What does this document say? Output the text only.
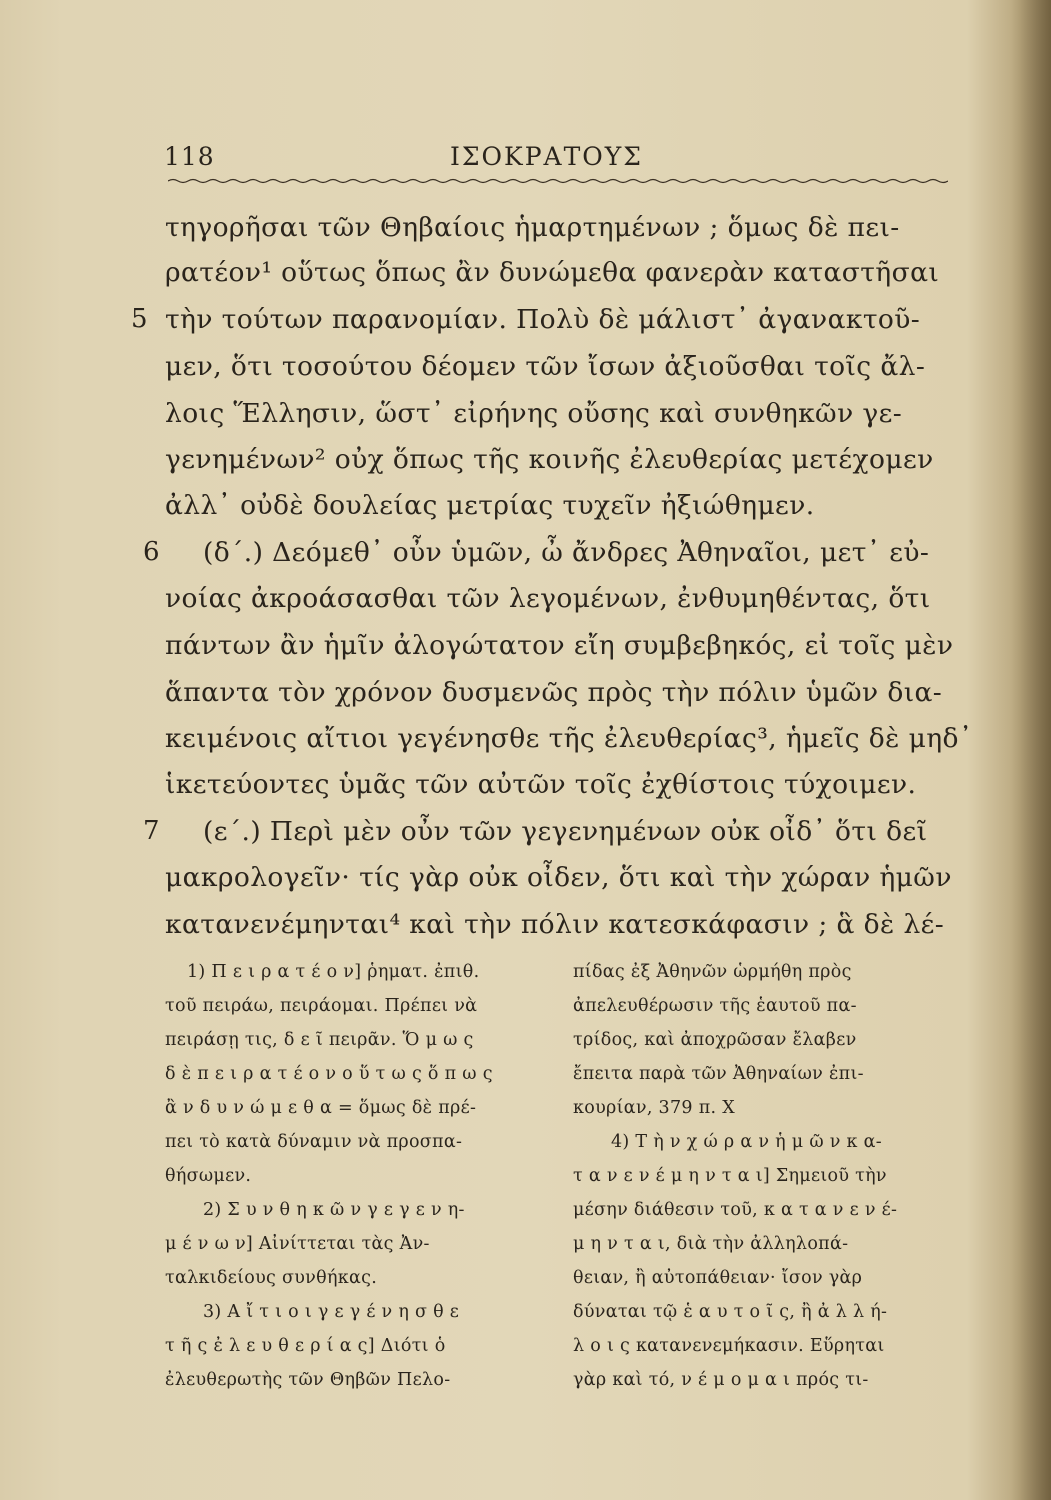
118	ΙΣΟΚΡΑΤΟΥΣ
τηγορῆσαι τῶν Θηβαίοις ἡμαρτημένων ; ὅμως δὲ πει-
ρατέον¹ οὕτως ὅπως ἂν δυνώμεθα φανερὰν καταστῆσαι
τὴν τούτων παρανομίαν. Πολὺ δὲ μάλιστ᾽ ἀγανακτοῦ-
μεν, ὅτι τοσούτου δέομεν τῶν ἴσων ἀξιοῦσθαι τοῖς ἄλ-
λοις Ἕλλησιν, ὥστ᾽ εἰρήνης οὔσης καὶ συνθηκῶν γε-
γενημένων² οὐχ ὅπως τῆς κοινῆς ἐλευθερίας μετέχομεν
ἀλλ᾽ οὐδὲ δουλείας μετρίας τυχεῖν ἠξιώθημεν.
(δ΄.) Δεόμεθ᾽ οὖν ὑμῶν, ὦ ἄνδρες Ἀθηναῖοι, μετ᾽ εὐ-
νοίας ἀκροάσασθαι τῶν λεγομένων, ἐνθυμηθέντας, ὅτι
πάντων ἂν ἡμῖν ἀλογώτατον εἴη συμβεβηκός, εἰ τοῖς μὲν
ἅπαντα τὸν χρόνον δυσμενῶς πρὸς τὴν πόλιν ὑμῶν δια-
κειμένοις αἴτιοι γεγένησθε τῆς ἐλευθερίας³, ἡμεῖς δὲ μηδ᾽
ἱκετεύοντες ὑμᾶς τῶν αὐτῶν τοῖς ἐχθίστοις τύχοιμεν.
(ε΄.) Περὶ μὲν οὖν τῶν γεγενημένων οὐκ οἶδ᾽ ὅτι δεῖ
μακρολογεῖν· τίς γὰρ οὐκ οἶδεν, ὅτι καὶ τὴν χώραν ἡμῶν
κατανενέμηνται⁴ καὶ τὴν πόλιν κατεσκάφασιν ; ἃ δὲ λέ-
5
6
7
1) Π ε ι ρ α τ έ ο ν] ῥηματ. ἐπιθ.
τοῦ πειράω, πειράομαι. Πρέπει νὰ
πειράσῃ τις, δ ε ῖ πειρᾶν. Ὅ μ ω ς
δ ὲ π ε ι ρ α τ έ ο ν ο ὕ τ ω ς ὅ π ω ς
ἂ ν δ υ ν ώ μ ε θ α = ὅμως δὲ πρέ-
πει τὸ κατὰ δύναμιν νὰ προσπα-
θήσωμεν.
2) Σ υ ν θ η κ ῶ ν γ ε γ ε ν η-
μ έ ν ω ν] Αἰνίττεται τὰς Ἀν-
ταλκιδείους συνθήκας.
3) Α ἴ τ ι ο ι γ ε γ έ ν η σ θ ε
τ ῆ ς ἐ λ ε υ θ ε ρ ί α ς] Διότι ὁ
ἐλευθερωτὴς τῶν Θηβῶν Πελο-
πίδας ἐξ Ἀθηνῶν ὡρμήθη πρὸς
ἀπελευθέρωσιν τῆς ἑαυτοῦ πα-
τρίδος, καὶ ἀποχρῶσαν ἔλαβεν
ἔπειτα παρὰ τῶν Ἀθηναίων ἐπι-
κουρίαν, 379 π. Χ
4) Τ ὴ ν χ ώ ρ α ν ἡ μ ῶ ν κ α-
τ α ν ε ν έ μ η ν τ α ι] Σημειοῦ τὴν
μέσην διάθεσιν τοῦ, κ α τ α ν ε ν έ-
μ η ν τ α ι, διὰ τὴν ἀλληλοπά-
θειαν, ἢ αὐτοπάθειαν· ἴσον γὰρ
δύναται τῷ ἑ α υ τ ο ῖ ς, ἢ ἀ λ λ ή-
λ ο ι ς κατανενεμήκασιν. Εὕρηται
γὰρ καὶ τό, ν έ μ ο μ α ι πρός τι-
